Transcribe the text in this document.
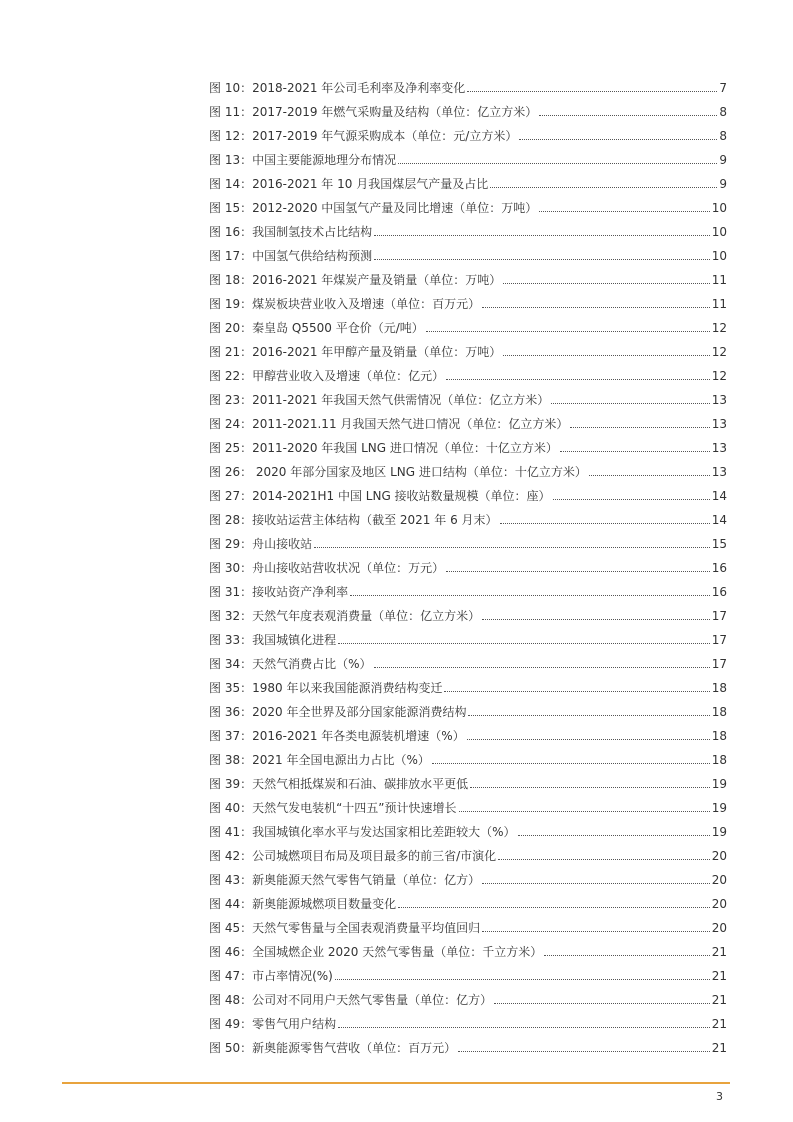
图 10：2018-2021 年公司毛利率及净利率变化	7
图 11：2017-2019 年燃气采购量及结构（单位：亿立方米）	8
图 12：2017-2019 年气源采购成本（单位：元/立方米）	8
图 13：中国主要能源地理分布情况	9
图 14：2016-2021 年 10 月我国煤层气产量及占比	9
图 15：2012-2020 中国氢气产量及同比增速（单位：万吨）	10
图 16：我国制氢技术占比结构	10
图 17：中国氢气供给结构预测	10
图 18：2016-2021 年煤炭产量及销量（单位：万吨）	11
图 19：煤炭板块营业收入及增速（单位：百万元）	11
图 20：秦皇岛 Q5500 平仓价（元/吨）	12
图 21：2016-2021 年甲醇产量及销量（单位：万吨）	12
图 22：甲醇营业收入及增速（单位：亿元）	12
图 23：2011-2021 年我国天然气供需情况（单位：亿立方米）	13
图 24：2011-2021.11 月我国天然气进口情况（单位：亿立方米）	13
图 25：2011-2020 年我国 LNG 进口情况（单位：十亿立方米）	13
图 26： 2020 年部分国家及地区 LNG 进口结构（单位：十亿立方米）	13
图 27：2014-2021H1 中国 LNG 接收站数量规模（单位：座）	14
图 28：接收站运营主体结构（截至 2021 年 6 月末）	14
图 29：舟山接收站	15
图 30：舟山接收站营收状况（单位：万元）	16
图 31：接收站资产净利率	16
图 32：天然气年度表观消费量（单位：亿立方米）	17
图 33：我国城镇化进程	17
图 34：天然气消费占比（%）	17
图 35：1980 年以来我国能源消费结构变迁	18
图 36：2020 年全世界及部分国家能源消费结构	18
图 37：2016-2021 年各类电源装机增速（%）	18
图 38：2021 年全国电源出力占比（%）	18
图 39：天然气相抵煤炭和石油、碳排放水平更低	19
图 40：天然气发电装机“十四五”预计快速增长	19
图 41：我国城镇化率水平与发达国家相比差距较大（%）	19
图 42：公司城燃项目布局及项目最多的前三省/市演化	20
图 43：新奥能源天然气零售气销量（单位：亿方）	20
图 44：新奥能源城燃项目数量变化	20
图 45：天然气零售量与全国表观消费量平均值回归	20
图 46：全国城燃企业 2020 天然气零售量（单位：千立方米）	21
图 47：市占率情况(%)	21
图 48：公司对不同用户天然气零售量（单位：亿方）	21
图 49：零售气用户结构	21
图 50：新奥能源零售气营收（单位：百万元）	21
3
